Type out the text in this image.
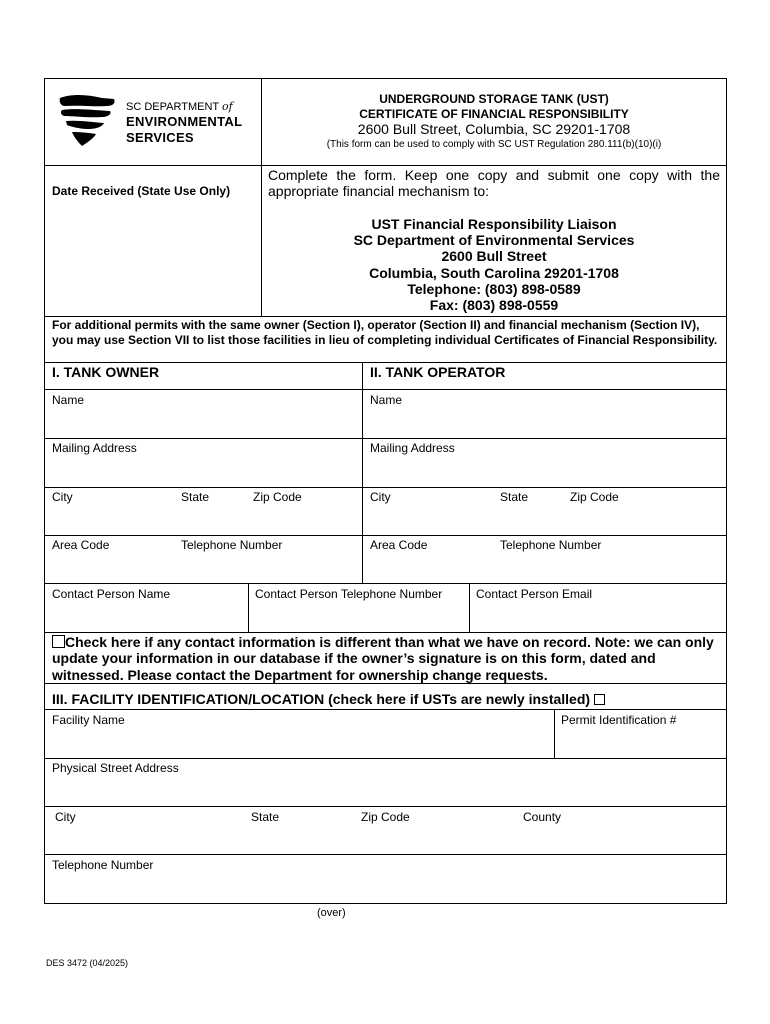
SC DEPARTMENT of
ENVIRONMENTAL
SERVICES
UNDERGROUND STORAGE TANK (UST)
CERTIFICATE OF FINANCIAL RESPONSIBILITY
2600 Bull Street, Columbia, SC 29201-1708
(This form can be used to comply with SC UST Regulation 280.111(b)(10)(i)
Date Received (State Use Only)
Complete the form. Keep one copy and submit one copy with the appropriate financial mechanism to:
UST Financial Responsibility Liaison
SC Department of Environmental Services
2600 Bull Street
Columbia, South Carolina 29201-1708
Telephone: (803) 898-0589
Fax: (803) 898-0559
For additional permits with the same owner (Section I), operator (Section II) and financial mechanism (Section IV), you may use Section VII to list those facilities in lieu of completing individual Certificates of Financial Responsibility.
I. TANK OWNER	II. TANK OPERATOR
Name	Name
Mailing Address	Mailing Address
City	State	Zip Code	City	State	Zip Code
Area Code	Telephone Number	Area Code	Telephone Number
Contact Person Name	Contact Person Telephone Number	Contact Person Email
Check here if any contact information is different than what we have on record. Note: we can only update your information in our database if the owner’s signature is on this form, dated and witnessed. Please contact the Department for ownership change requests.
III. FACILITY IDENTIFICATION/LOCATION (check here if USTs are newly installed)
Facility Name	Permit Identification #
Physical Street Address
City	State	Zip Code	County
Telephone Number
(over)
DES 3472 (04/2025)
